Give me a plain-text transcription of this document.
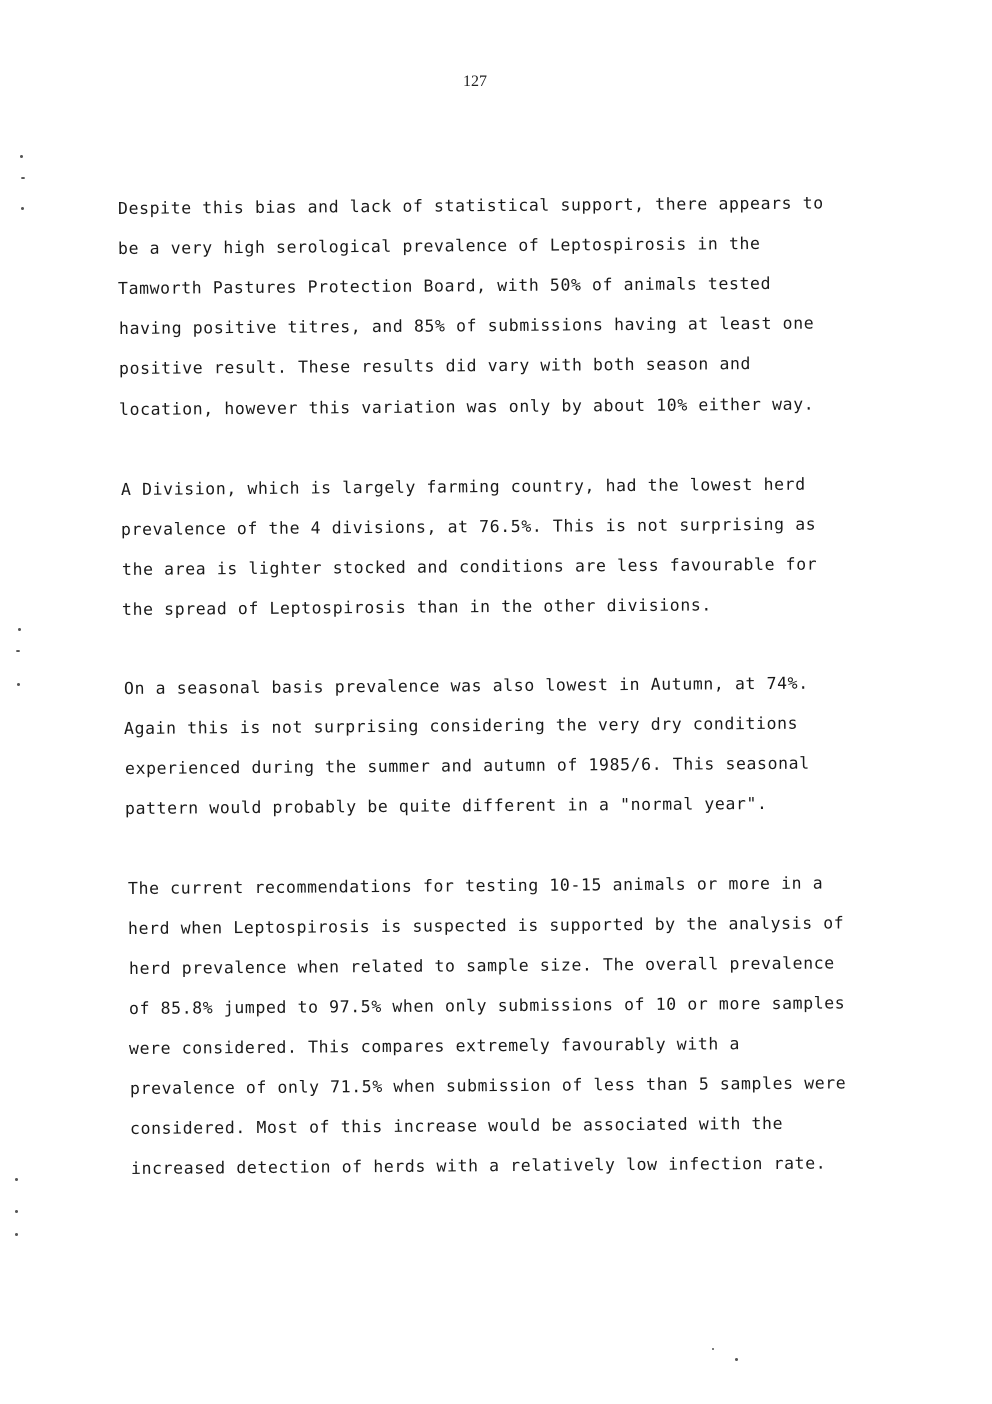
127
Despite this bias and lack of statistical support, there appears to
be a very high serological prevalence of Leptospirosis in the
Tamworth Pastures Protection Board, with 50% of animals tested
having positive titres, and 85% of submissions having at least one
positive result. These results did vary with both season and
location, however this variation was only by about 10% either way.
A Division, which is largely farming country, had the lowest herd
prevalence of the 4 divisions, at 76.5%. This is not surprising as
the area is lighter stocked and conditions are less favourable for
the spread of Leptospirosis than in the other divisions.
On a seasonal basis prevalence was also lowest in Autumn, at 74%.
Again this is not surprising considering the very dry conditions
experienced during the summer and autumn of 1985/6. This seasonal
pattern would probably be quite different in a "normal year".
The current recommendations for testing 10-15 animals or more in a
herd when Leptospirosis is suspected is supported by the analysis of
herd prevalence when related to sample size. The overall prevalence
of 85.8% jumped to 97.5% when only submissions of 10 or more samples
were considered. This compares extremely favourably with a
prevalence of only 71.5% when submission of less than 5 samples were
considered. Most of this increase would be associated with the
increased detection of herds with a relatively low infection rate.
